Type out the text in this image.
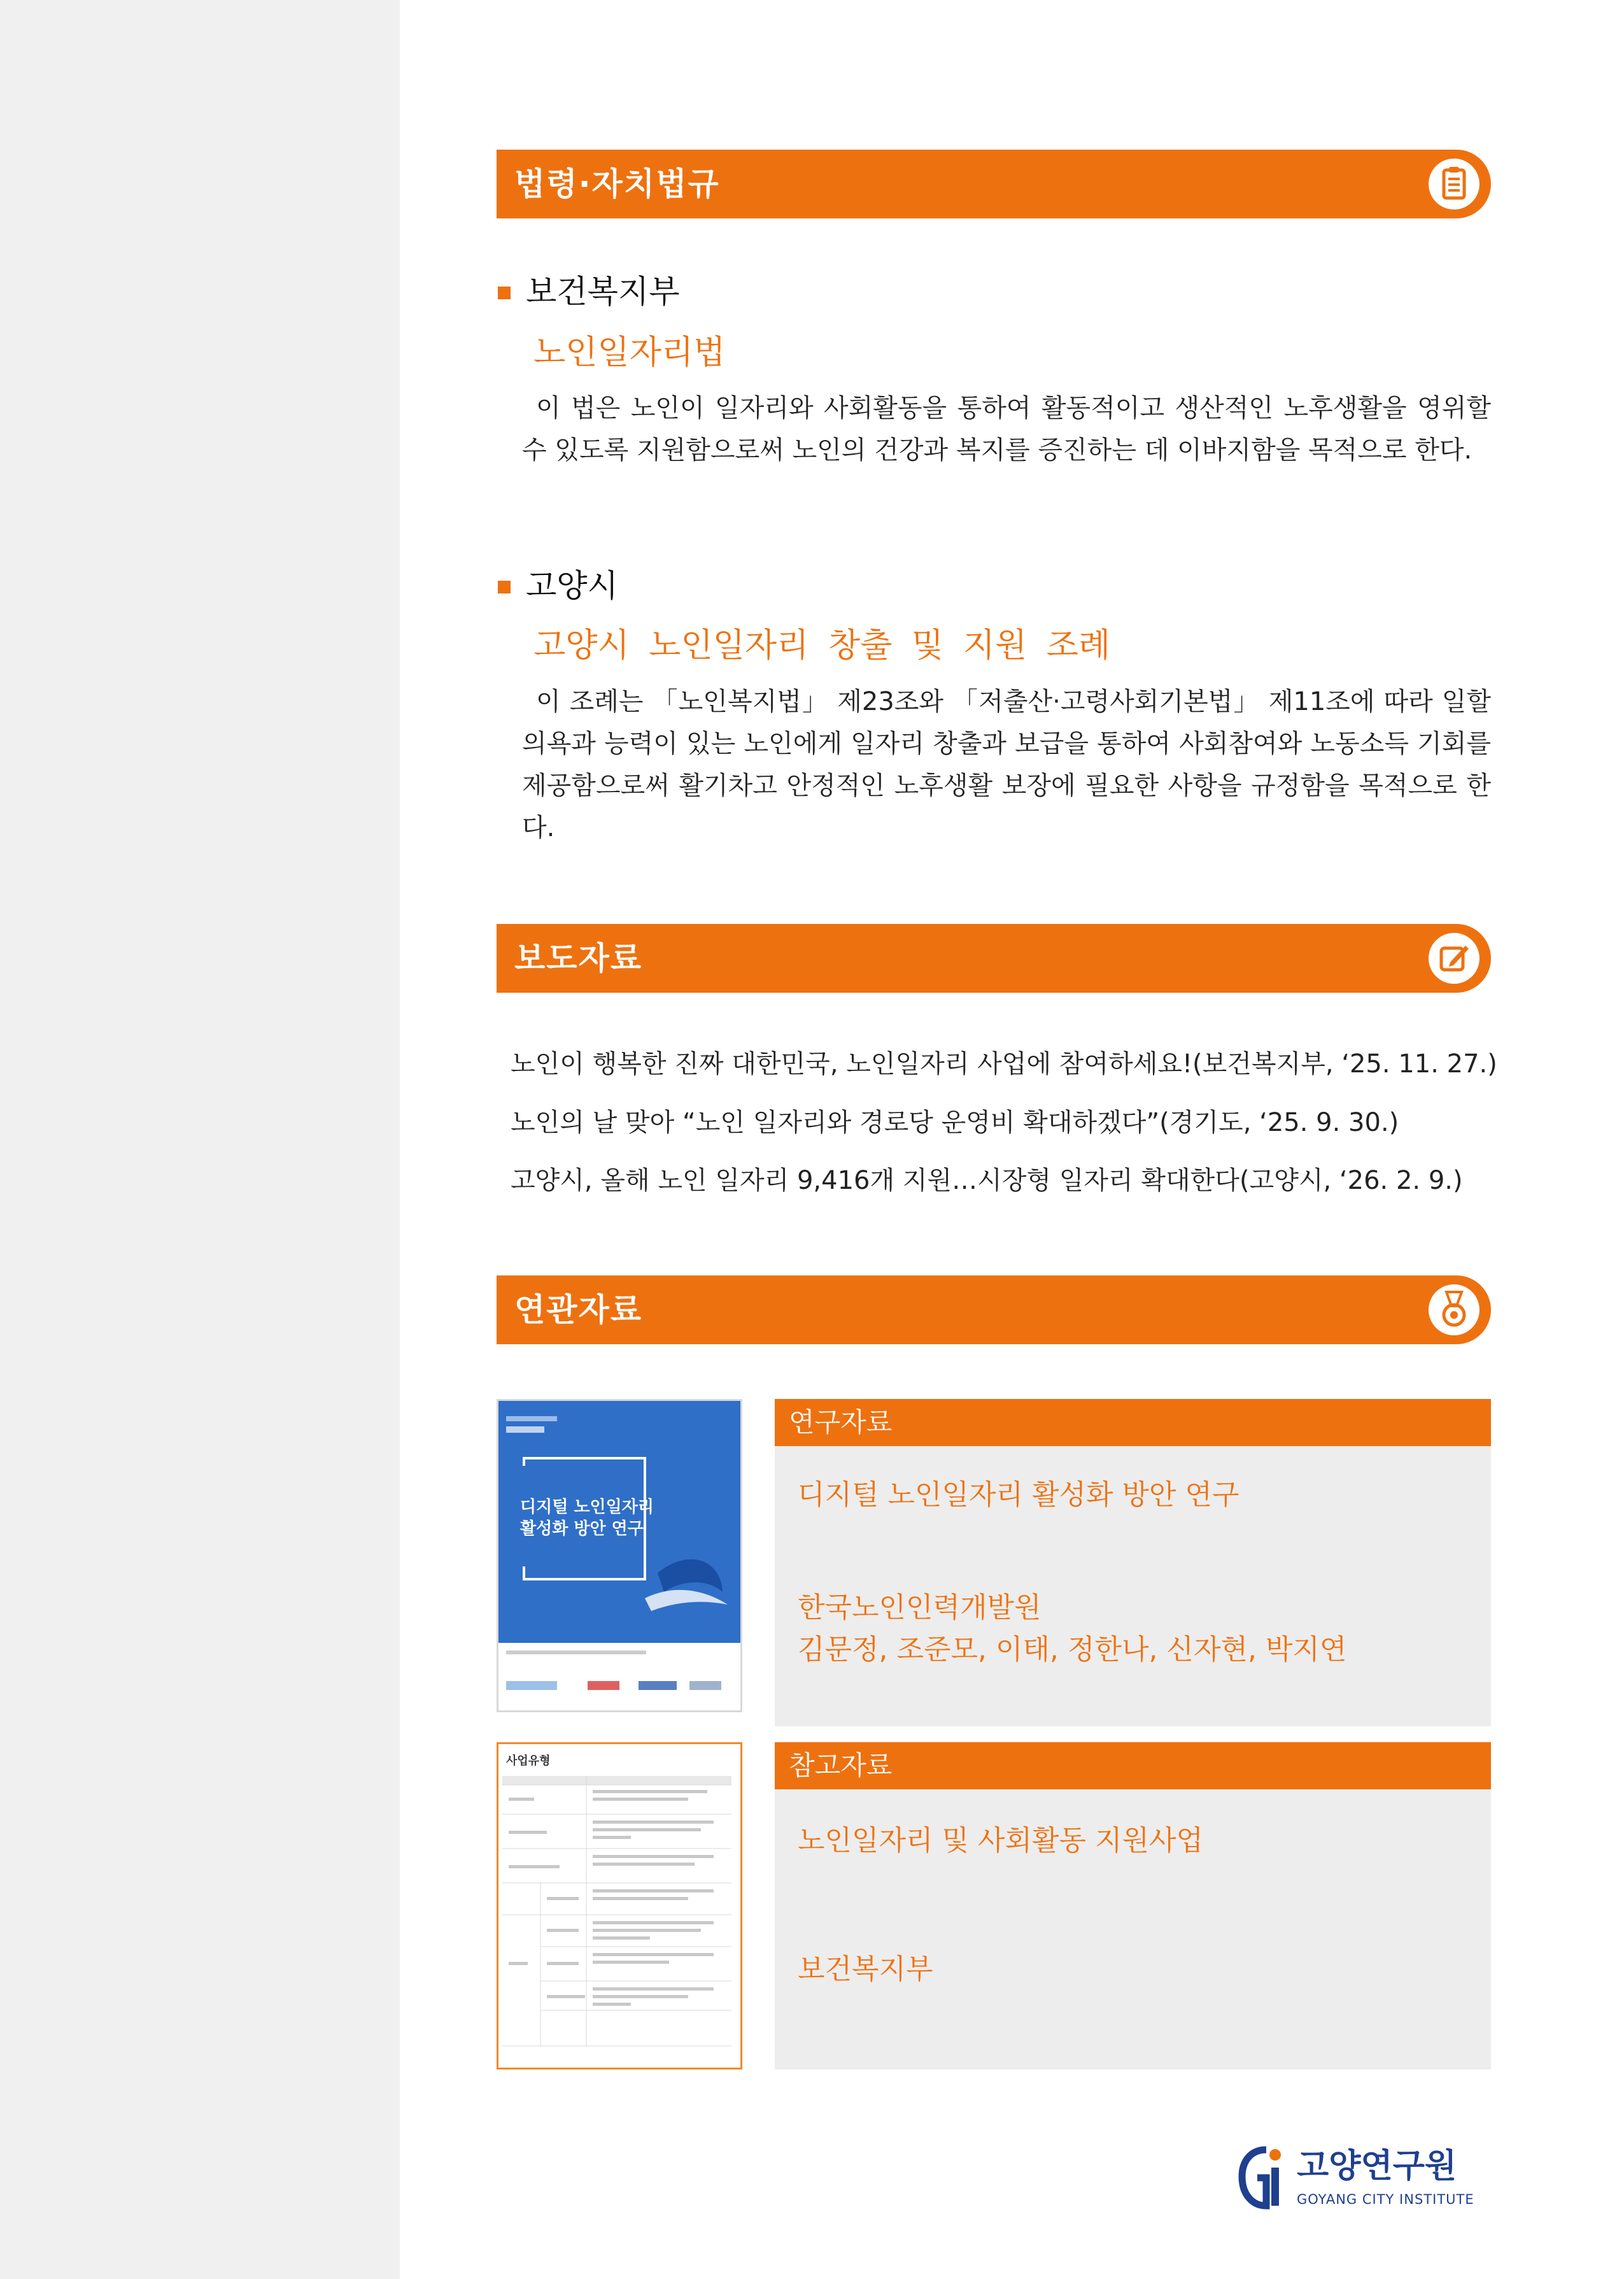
법령·자치법규
보건복지부
노인일자리법

이 법은 노인이 일자리와 사회활동을 통하여 활동적이고 생산적인 노후생활을 영위할 수 있도록 지원함으로써 노인의 건강과 복지를 증진하는 데 이바지함을 목적으로 한다.

고양시
고양시 노인일자리 창출 및 지원 조례

이 조례는 「노인복지법」 제23조와 「저출산·고령사회기본법」 제11조에 따라 일할 의욕과 능력이 있는 노인에게 일자리 창출과 보급을 통하여 사회참여와 노동소득 기회를 제공함으로써 활기차고 안정적인 노후생활 보장에 필요한 사항을 규정함을 목적으로 한다.

보도자료
노인이 행복한 진짜 대한민국, 노인일자리 사업에 참여하세요!(보건복지부, ‘25. 11. 27.)
노인의 날 맞아 “노인 일자리와 경로당 운영비 확대하겠다”(경기도, ‘25. 9. 30.)
고양시, 올해 노인 일자리 9,416개 지원…시장형 일자리 확대한다(고양시, ‘26. 2. 9.)
연관자료
디지털 노인일자리
활성화 방안 연구
사업유형
연구자료
디지털 노인일자리 활성화 방안 연구
한국노인인력개발원
김문정, 조준모, 이태, 정한나, 신자현, 박지연
참고자료
노인일자리 및 사회활동 지원사업
보건복지부
고양연구원
GOYANG CITY INSTITUTE
